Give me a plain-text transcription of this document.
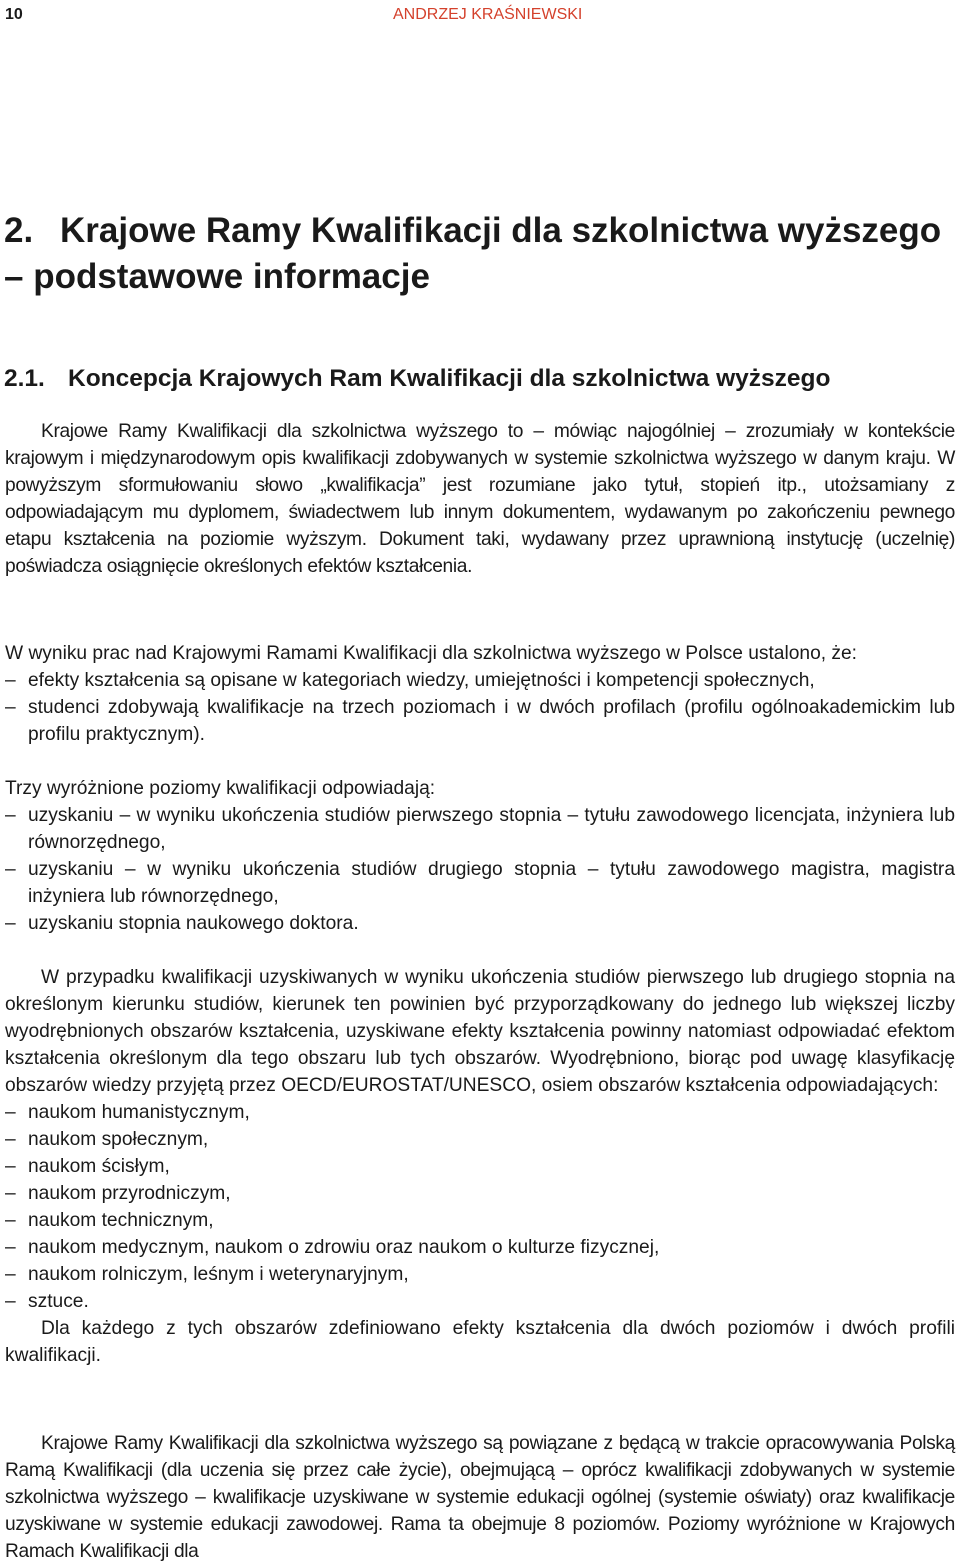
10	ANDRZEJ KRAŚNIEWSKI
2. Krajowe Ramy Kwalifikacji dla szkolnictwa wyższego
– podstawowe informacje
2.1. Koncepcja Krajowych Ram Kwalifikacji dla szkolnictwa wyższego

Krajowe Ramy Kwalifikacji dla szkolnictwa wyższego to – mówiąc najogólniej – zrozumiały w kontekście krajowym i międzynarodowym opis kwalifikacji zdobywanych w systemie szkolnictwa wyższego w danym kraju. W powyższym sformułowaniu słowo „kwalifikacja” jest rozumiane jako tytuł, stopień itp., utożsamiany z odpowiadającym mu dyplomem, świadectwem lub innym dokumentem, wydawanym po zakończeniu pewnego etapu kształcenia na poziomie wyższym. Dokument taki, wydawany przez uprawnioną instytucję (uczelnię) poświadcza osiągnięcie określonych efektów kształcenia.

W wyniku prac nad Krajowymi Ramami Kwalifikacji dla szkolnictwa wyższego w Polsce ustalono, że:

– efekty kształcenia są opisane w kategoriach wiedzy, umiejętności i kompetencji społecznych,
– studenci zdobywają kwalifikacje na trzech poziomach i w dwóch profilach (profilu ogólnoakademickim lub profilu praktycznym).

Trzy wyróżnione poziomy kwalifikacji odpowiadają:

– uzyskaniu – w wyniku ukończenia studiów pierwszego stopnia – tytułu zawodowego licencjata, inżyniera lub równorzędnego,
– uzyskaniu – w wyniku ukończenia studiów drugiego stopnia – tytułu zawodowego magistra, magistra inżyniera lub równorzędnego,
– uzyskaniu stopnia naukowego doktora.

W przypadku kwalifikacji uzyskiwanych w wyniku ukończenia studiów pierwszego lub drugiego stopnia na określonym kierunku studiów, kierunek ten powinien być przyporządkowany do jednego lub większej liczby wyodrębnionych obszarów kształcenia, uzyskiwane efekty kształcenia powinny natomiast odpowiadać efektom kształcenia określonym dla tego obszaru lub tych obszarów. Wyodrębniono, biorąc pod uwagę klasyfikację obszarów wiedzy przyjętą przez OECD/EUROSTAT/UNESCO, osiem obszarów kształcenia odpowiadających:

– naukom humanistycznym,
– naukom społecznym,
– naukom ścisłym,
– naukom przyrodniczym,
– naukom technicznym,
– naukom medycznym, naukom o zdrowiu oraz naukom o kulturze fizycznej,
– naukom rolniczym, leśnym i weterynaryjnym,
– sztuce.

Dla każdego z tych obszarów zdefiniowano efekty kształcenia dla dwóch poziomów i dwóch profili kwalifikacji.

Krajowe Ramy Kwalifikacji dla szkolnictwa wyższego są powiązane z będącą w trakcie opracowywania Polską Ramą Kwalifikacji (dla uczenia się przez całe życie), obejmującą – oprócz kwalifikacji zdobywanych w systemie szkolnictwa wyższego – kwalifikacje uzyskiwane w systemie edukacji ogólnej (systemie oświaty) oraz kwalifikacje uzyskiwane w systemie edukacji zawodowej. Rama ta obejmuje 8 poziomów. Poziomy wyróżnione w Krajowych Ramach Kwalifikacji dla
